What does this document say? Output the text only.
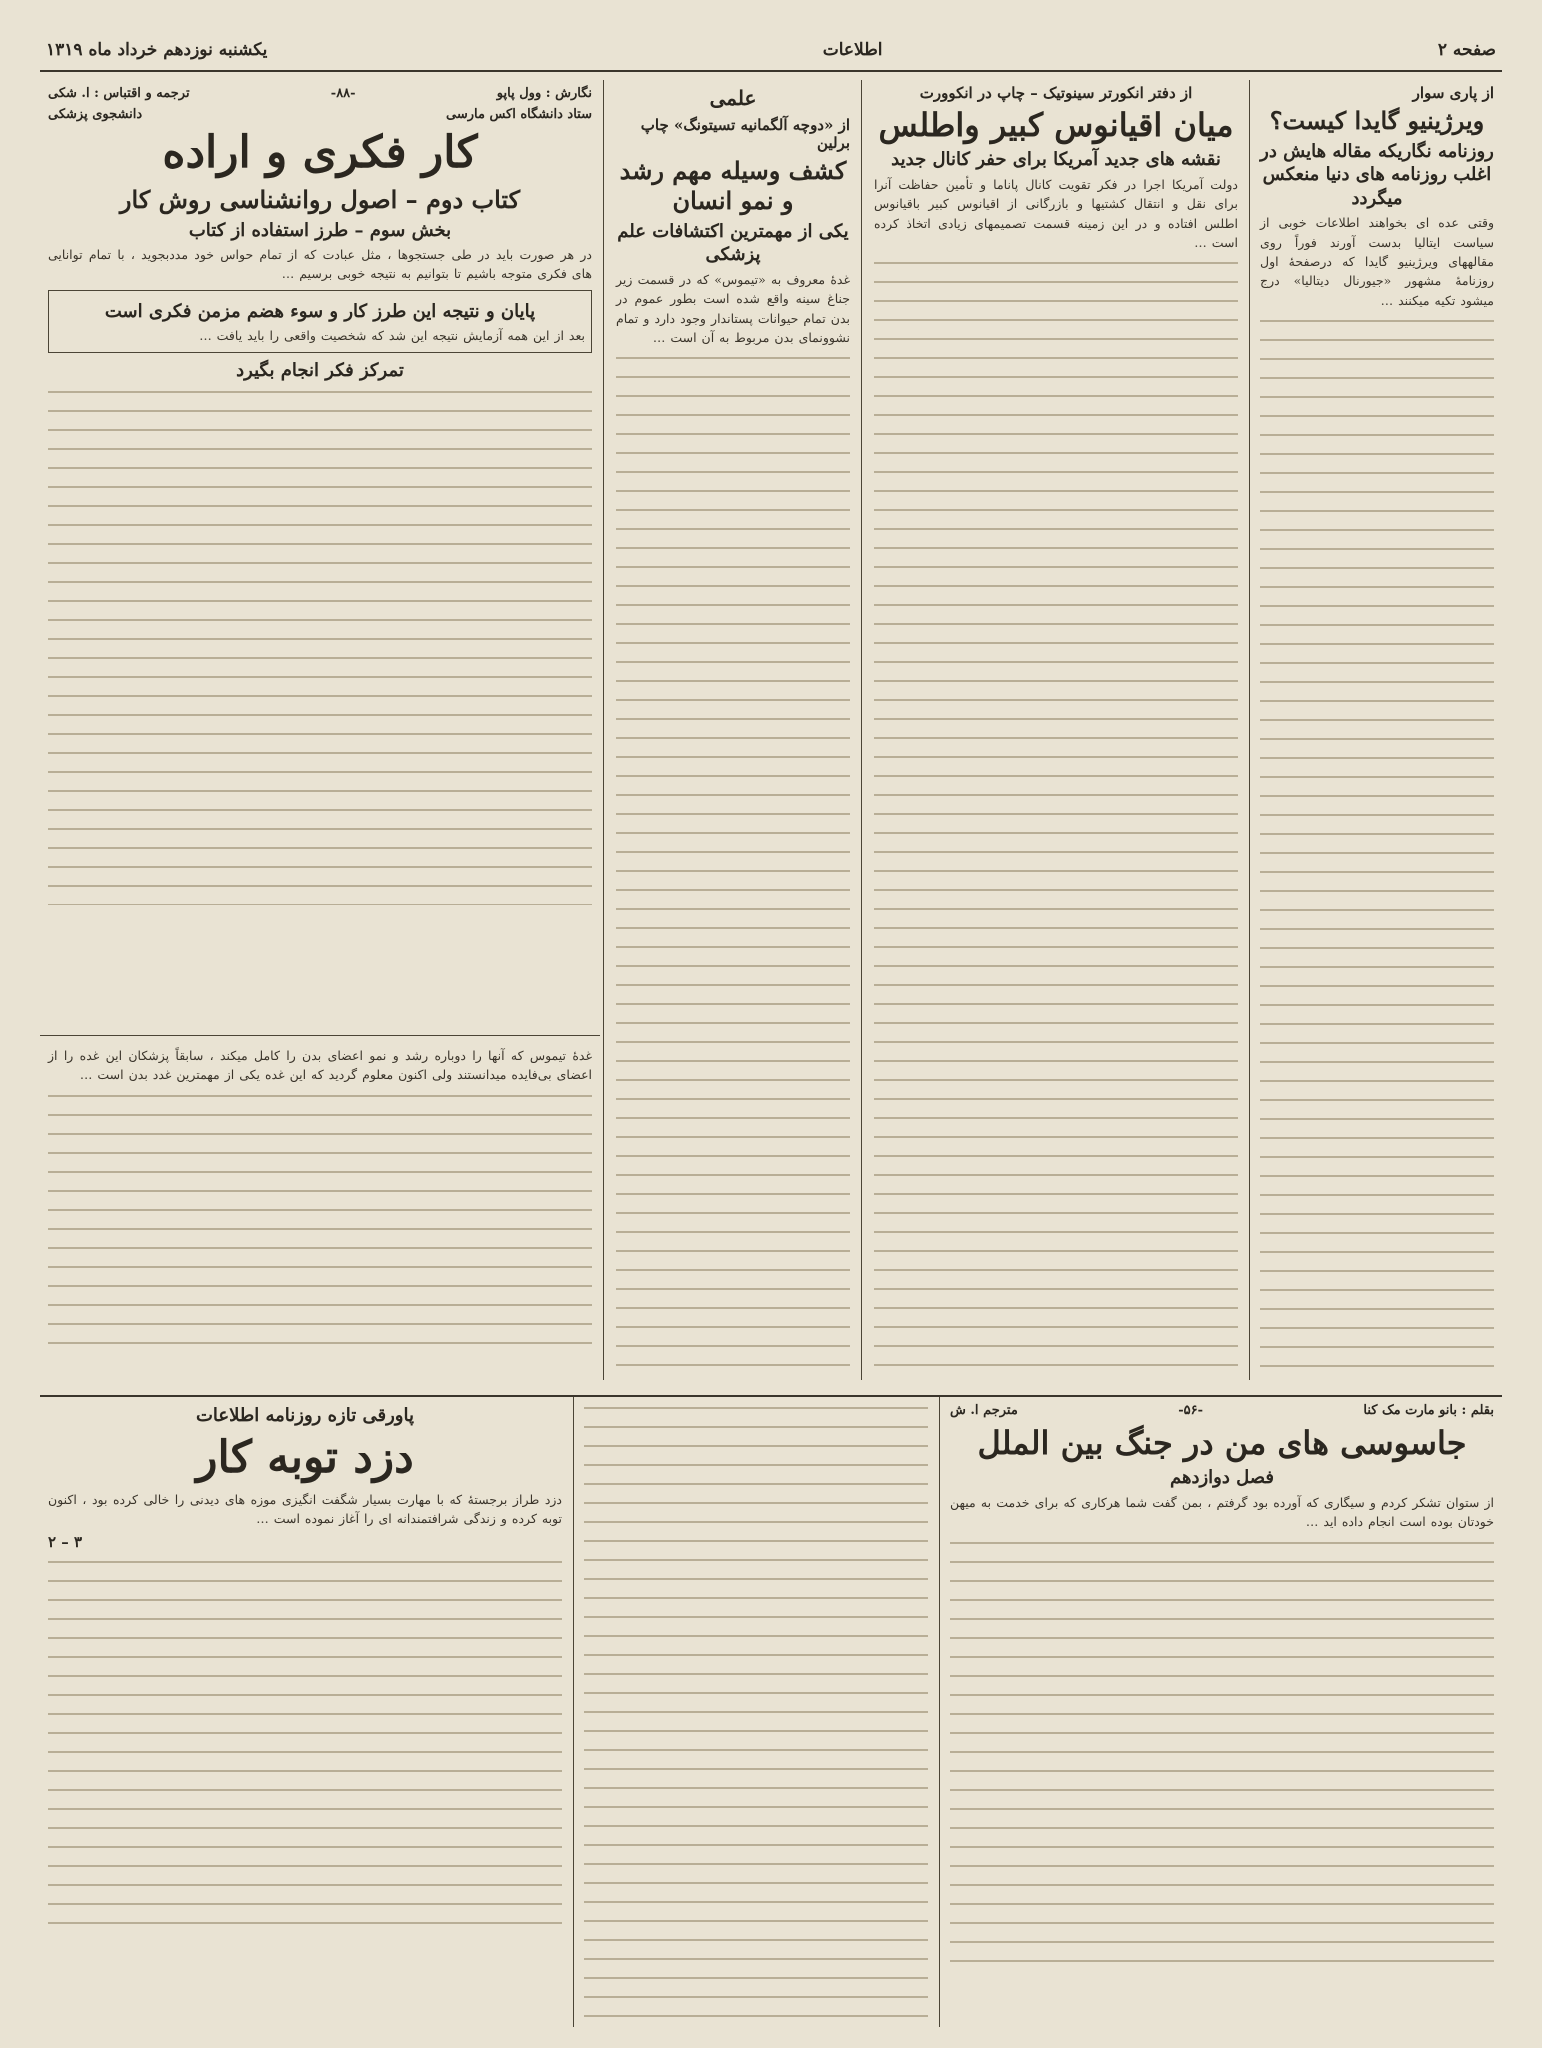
صفحه ۲
اطلاعات
یکشنبه نوزدهم خرداد ماه ۱۳۱۹
از پاری سوار
ویرژینیو گایدا کیست؟
روزنامه نگاریکه مقاله هایش در اغلب روزنامه های دنیا منعکس میگردد

وقتی عده ای بخواهند اطلاعات خوبی از سیاست ایتالیا بدست آورند فوراً روی مقالههای ویرژینیو گایدا که درصفحهٔ اول روزنامهٔ مشهور «جیورنال دیتالیا» درج میشود تکیه میکنند …

از دفتر انکورتر سینوتیک – چاپ در انکوورت
میان اقیانوس کبیر واطلس
نقشه های جدید آمریکا برای حفر کانال جدید

دولت آمریکا اجرا در فکر تقویت کانال پاناما و تأمین حفاظت آنرا برای نقل و انتقال کشتیها و بازرگانی از اقیانوس کبیر باقیانوس اطلس افتاده و در این زمینه قسمت تصمیمهای زیادی اتخاذ کرده است …

علمی
از «دوچه آلگمانیه تسیتونگ» چاپ برلین
کشف وسیله مهم رشد و نمو انسان
یکی از مهمترین اکتشافات علم پزشکی

غدهٔ معروف به «تیموس» که در قسمت زیر جناغ سینه واقع شده است بطور عموم در بدن تمام حیوانات پستاندار وجود دارد و تمام نشوونمای بدن مربوط به آن است …

نگارش : وول پاپو
-۸۸-
ترجمه و اقتباس : ا. شکی
ستاد دانشگاه اکس مارسی
دانشجوی پزشکی
کار فکری و اراده
کتاب دوم – اصول روانشناسی روش کار
بخش سوم – طرز استفاده از کتاب

در هر صورت باید در طی جستجوها ، مثل عبادت که از تمام حواس خود مددبجوید ، با تمام توانایی های فکری متوجه باشیم تا بتوانیم به نتیجه خوبی برسیم …

پایان و نتیجه این طرز کار و سوء هضم مزمن فکری است
بعد از این همه آزمایش نتیجه این شد که شخصیت واقعی را باید یافت …
تمرکز فکر انجام بگیرد

غدهٔ تیموس که آنها را دوباره رشد و نمو اعضای بدن را کامل میکند ، سابقاً پزشکان این غده را از اعضای بی‌فایده میدانستند ولی اکنون معلوم گردید که این غده یکی از مهمترین غدد بدن است …

بقلم : بانو مارت مک کنا
-۵۶-
مترجم ا. ش
جاسوسی های من در جنگ بین الملل
فصل دوازدهم

از ستوان تشکر کردم و سیگاری که آورده بود گرفتم ، بمن گفت شما هرکاری که برای خدمت به میهن خودتان بوده است انجام داده اید …

پاورقی تازه روزنامه اطلاعات
دزد توبه کار

دزد طراز برجستهٔ که با مهارت بسیار شگفت انگیزی موزه های دیدنی را خالی کرده بود ، اکنون توبه کرده و زندگی شرافتمندانه ای را آغاز نموده است …

۳ – ۲
